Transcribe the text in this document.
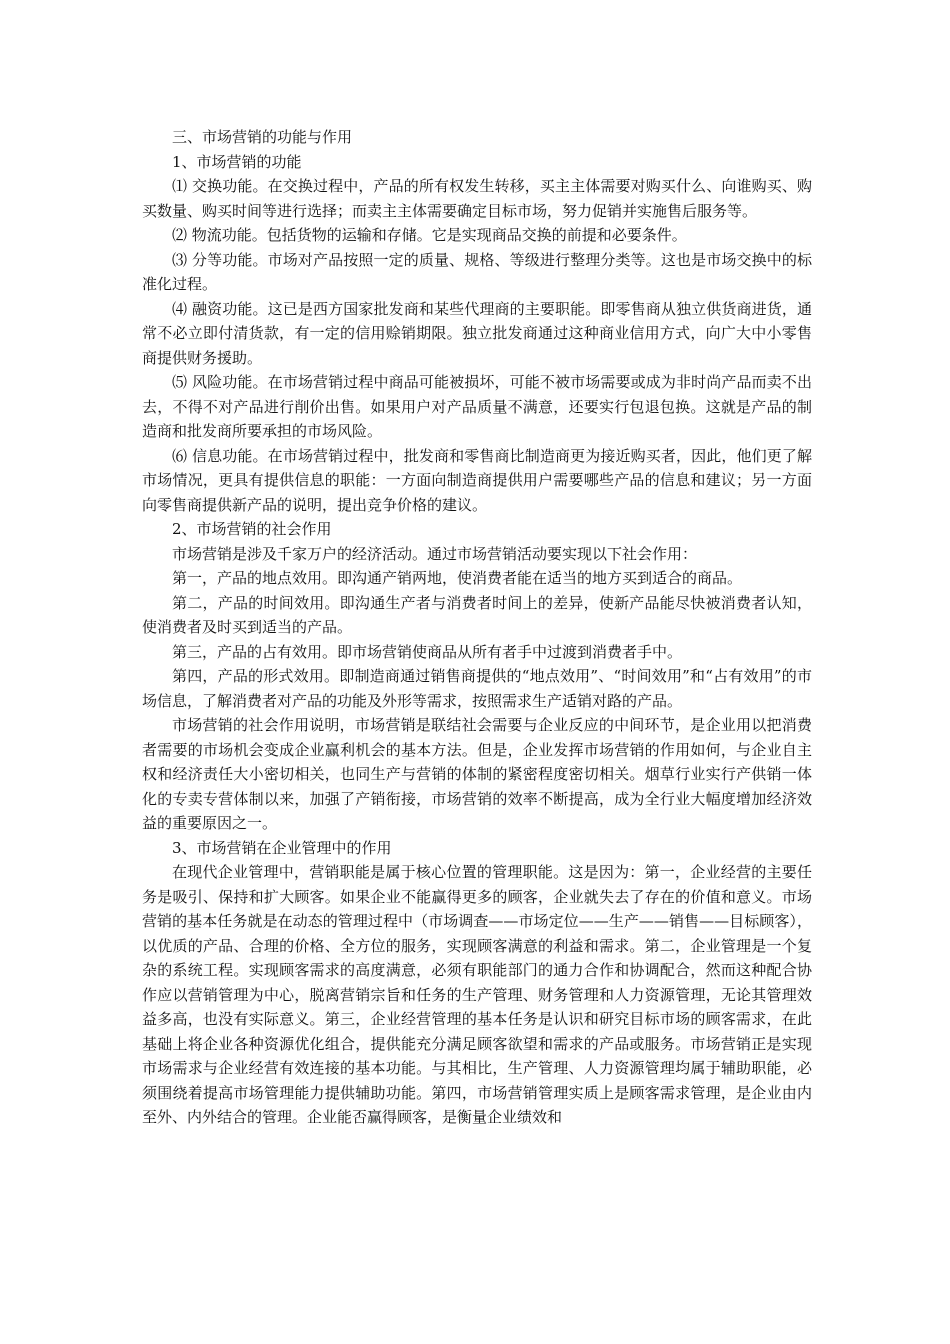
三、市场营销的功能与作用

1、市场营销的功能

⑴ 交换功能。在交换过程中，产品的所有权发生转移，买主主体需要对购买什么、向谁购买、购买数量、购买时间等进行选择；而卖主主体需要确定目标市场，努力促销并实施售后服务等。

⑵ 物流功能。包括货物的运输和存储。它是实现商品交换的前提和必要条件。

⑶ 分等功能。市场对产品按照一定的质量、规格、等级进行整理分类等。这也是市场交换中的标准化过程。

⑷ 融资功能。这已是西方国家批发商和某些代理商的主要职能。即零售商从独立供货商进货，通常不必立即付清货款，有一定的信用赊销期限。独立批发商通过这种商业信用方式，向广大中小零售商提供财务援助。

⑸ 风险功能。在市场营销过程中商品可能被损坏，可能不被市场需要或成为非时尚产品而卖不出去，不得不对产品进行削价出售。如果用户对产品质量不满意，还要实行包退包换。这就是产品的制造商和批发商所要承担的市场风险。

⑹ 信息功能。在市场营销过程中，批发商和零售商比制造商更为接近购买者，因此，他们更了解市场情况，更具有提供信息的职能：一方面向制造商提供用户需要哪些产品的信息和建议；另一方面向零售商提供新产品的说明，提出竞争价格的建议。

2、市场营销的社会作用

市场营销是涉及千家万户的经济活动。通过市场营销活动要实现以下社会作用：

第一，产品的地点效用。即沟通产销两地，使消费者能在适当的地方买到适合的商品。

第二，产品的时间效用。即沟通生产者与消费者时间上的差异，使新产品能尽快被消费者认知，使消费者及时买到适当的产品。

第三，产品的占有效用。即市场营销使商品从所有者手中过渡到消费者手中。

第四，产品的形式效用。即制造商通过销售商提供的“地点效用”、“时间效用”和“占有效用”的市场信息，了解消费者对产品的功能及外形等需求，按照需求生产适销对路的产品。

市场营销的社会作用说明，市场营销是联结社会需要与企业反应的中间环节，是企业用以把消费者需要的市场机会变成企业赢利机会的基本方法。但是，企业发挥市场营销的作用如何，与企业自主权和经济责任大小密切相关，也同生产与营销的体制的紧密程度密切相关。烟草行业实行产供销一体化的专卖专营体制以来，加强了产销衔接，市场营销的效率不断提高，成为全行业大幅度增加经济效益的重要原因之一。

3、市场营销在企业管理中的作用

在现代企业管理中，营销职能是属于核心位置的管理职能。这是因为：第一，企业经营的主要任务是吸引、保持和扩大顾客。如果企业不能赢得更多的顾客，企业就失去了存在的价值和意义。市场营销的基本任务就是在动态的管理过程中（市场调查——市场定位——生产——销售——目标顾客），以优质的产品、合理的价格、全方位的服务，实现顾客满意的利益和需求。第二，企业管理是一个复杂的系统工程。实现顾客需求的高度满意，必须有职能部门的通力合作和协调配合，然而这种配合协作应以营销管理为中心，脱离营销宗旨和任务的生产管理、财务管理和人力资源管理，无论其管理效益多高，也没有实际意义。第三，企业经营管理的基本任务是认识和研究目标市场的顾客需求，在此基础上将企业各种资源优化组合，提供能充分满足顾客欲望和需求的产品或服务。市场营销正是实现市场需求与企业经营有效连接的基本功能。与其相比，生产管理、人力资源管理均属于辅助职能，必须围绕着提高市场管理能力提供辅助功能。第四，市场营销管理实质上是顾客需求管理，是企业由内至外、内外结合的管理。企业能否赢得顾客，是衡量企业绩效和
